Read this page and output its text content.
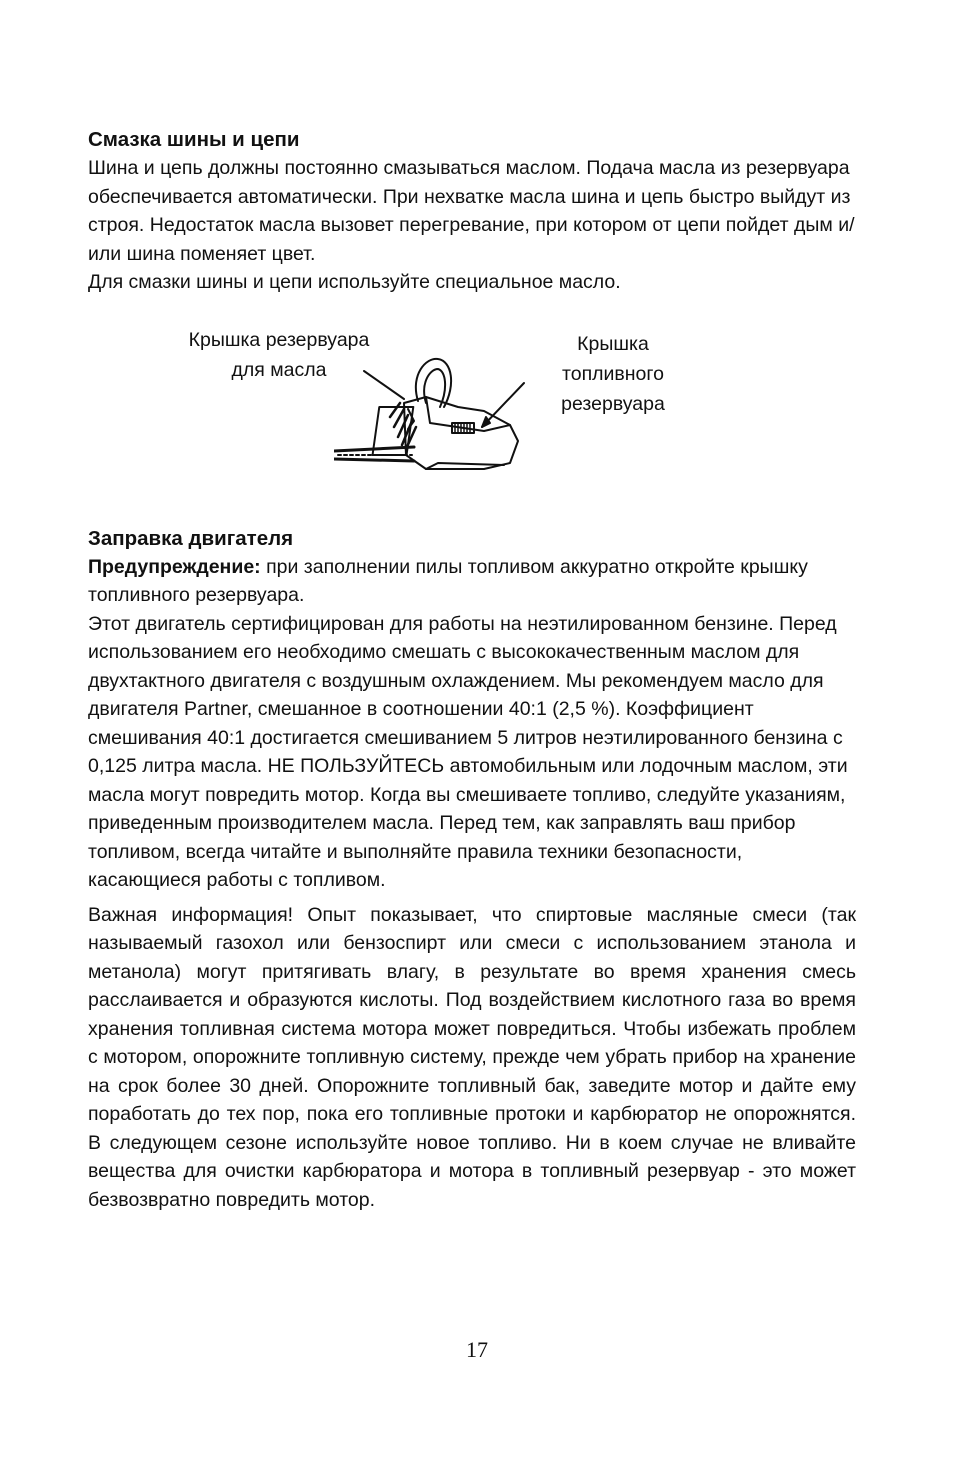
Смазка шины и цепи

Шина и цепь должны постоянно смазываться маслом. Подача масла из резервуара обеспечивается автоматически. При нехватке масла шина и цепь быстро выйдут из строя. Недостаток масла вызовет перегревание, при котором от цепи пойдет дым и/или шина поменяет цвет.

Для смазки шины и цепи используйте специальное масло.

Крышка резервуара для масла

Крышка топливного резервуара

Заправка двигателя

Предупреждение: при заполнении пилы топливом аккуратно откройте крышку топливного резервуара.

Этот двигатель сертифицирован для работы на неэтилированном бензине. Перед использованием его необходимо смешать с высококачественным маслом для двухтактного двигателя с воздушным охлаждением. Мы рекомендуем масло для двигателя Partner, смешанное в соотношении 40:1 (2,5 %). Коэффициент смешивания 40:1 достигается смешиванием 5 литров неэтилированного бензина с 0,125 литра масла. НЕ ПОЛЬЗУЙТЕСЬ автомобильным или лодочным маслом, эти масла могут повредить мотор. Когда вы смешиваете топливо, следуйте указаниям, приведенным производителем масла. Перед тем, как заправлять ваш прибор топливом, всегда читайте и выполняйте правила техники безопасности, касающиеся работы с топливом.

Важная информация! Опыт показывает, что спиртовые масляные смеси (так называемый газохол или бензоспирт или смеси с использованием этанола и метанола) могут притягивать влагу, в результате во время хранения смесь расслаивается и образуются кислоты. Под воздействием кислотного газа во время хранения топливная система мотора может повредиться. Чтобы избежать проблем с мотором, опорожните топливную систему, прежде чем убрать прибор на хранение на срок более 30 дней. Опорожните топливный бак, заведите мотор и дайте ему поработать до тех пор, пока его топливные протоки и карбюратор не опорожнятся. В следующем сезоне используйте новое топливо. Ни в коем случае не вливайте вещества для очистки карбюратора и мотора в топливный резервуар - это может безвозвратно повредить мотор.

17
